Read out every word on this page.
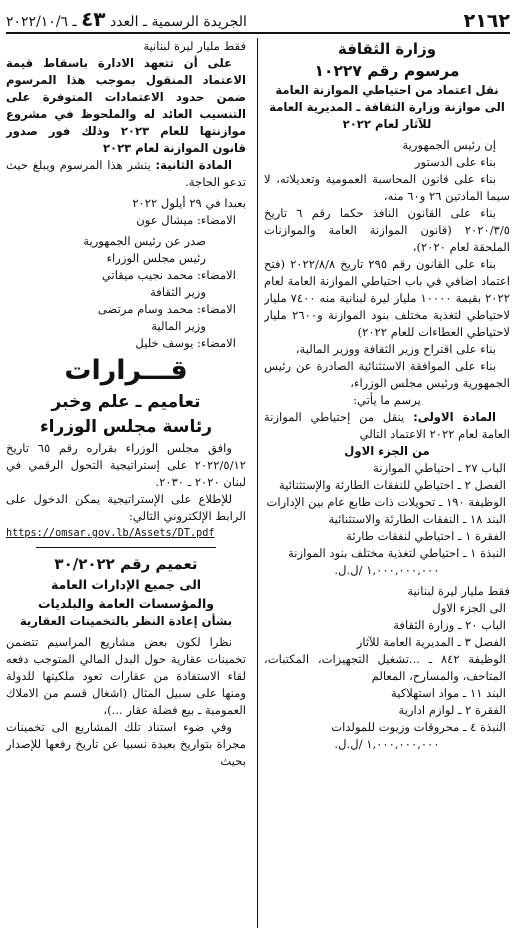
٢١٦٢
الجريدة الرسمية ـ العدد ٤٣ ـ ٢٠٢٢/١٠/٦

وزارة الثقافة

مرسوم رقم ١٠٢٢٧

نقل اعتماد من احتياطي الموازنة العامة الى موازنة وزارة الثقافة ـ المديرية العامة للآثار لعام ٢٠٢٢

إن رئيس الجمهورية

بناء على الدستور

بناء على قانون المحاسبة العمومية وتعديلاته، لا سيما المادتين ٢٦ و٦٠ منه،

بناء على القانون النافذ حكما رقم ٦ تاريخ ٢٠٢٠/٣/٥ (قانون الموازنة العامة والموازنات الملحقة لعام ٢٠٢٠)،

بناء على القانون رقم ٢٩٥ تاريخ ٢٠٢٢/٨/٨ (فتح اعتماد اضافي في باب احتياطي الموازنة العامة لعام ٢٠٢٢ بقيمة ١٠٠٠٠ مليار ليرة لبنانية منه ٧٤٠٠ مليار لاحتياطي لتغذية مختلف بنود الموازنة و٢٦٠٠ مليار لاحتياطي العطاءات للعام ٢٠٢٢)

بناء على اقتراح وزير الثقافة ووزير المالية،

بناء على الموافقة الاستثنائية الصادرة عن رئيس الجمهورية ورئيس مجلس الوزراء،

يرسم ما يأتي:

المادة الاولى: ينقل من إحتياطي الموازنة العامة لعام ٢٠٢٢ الاعتماد التالي

من الجزء الاول

الباب ٢٧ ـ احتياطي الموازنة

الفصل ٢ ـ احتياطي للنفقات الطارئة والإستثنائية

الوظيفة ١٩٠ ـ تحويلات ذات طابع عام بين الإدارات

البند ١٨ ـ النفقات الطارئة والاستثنائية

الفقرة ١ ـ احتياطي لنفقات طارئة

النبذة ١ ـ احتياطي لتغذية مختلف بنود الموازنة

١,٠٠٠,٠٠٠,٠٠٠ /ل.ل.

فقط مليار ليرة لبنانية

الى الجزء الاول

الباب ٢٠ ـ وزارة الثقافة

الفصل ٣ ـ المديرية العامة للآثار

الوظيفة ٨٤٢ ـ ...تشغيل التجهيزات، المكتبات، المتاحف، والمسارح، المعالم

البند ١١ ـ مواد استهلاكية

الفقرة ٢ ـ لوازم ادارية

النبذة ٤ ـ محروقات وزيوت للمولدات

١,٠٠٠,٠٠٠,٠٠٠ /ل.ل.

فقط مليار ليرة لبنانية

على أن تتعهد الادارة باسقاط قيمة الاعتماد المنقول بموجب هذا المرسوم ضمن حدود الاعتمادات المتوفرة على التنسيب العائد له والملحوظ في مشروع موازنتها للعام ٢٠٢٣ وذلك فور صدور قانون الموازنة لعام ٢٠٢٣

المادة الثانية: ينشر هذا المرسوم ويبلغ حيث تدعو الحاجة.

بعبدا في ٢٩ أيلول ٢٠٢٢

الامضاء: ميشال عون

صدر عن رئيس الجمهورية

رئيس مجلس الوزراء

الامضاء: محمد نجيب ميقاتي

وزير الثقافة

الامضاء: محمد وسام مرتضى

وزير المالية

الامضاء: يوسف خليل

قـــرارات

تعاميم ـ علم وخبر

رئاسة مجلس الوزراء

وافق مجلس الوزراء بقراره رقم ٦٥ تاريخ ٢٠٢٢/٥/١٢ على إستراتيجية التحول الرقمي في لبنان ٢٠٢٠ ـ ٢٠٣٠.

للإطلاع على الإستراتيجية يمكن الدخول على الرابط الإلكتروني التالي:

https://omsar.gov.lb/Assets/DT.pdf

تعميم رقم ٣٠/٢٠٢٢

الى جميع الإدارات العامة

والمؤسسات العامة والبلديات

بشأن إعادة النظر بالتخمينات العقارية

نظرا لكون بعض مشاريع المراسيم تتضمن تخمينات عقارية حول البدل المالي المتوجب دفعه لقاء الاستفادة من عقارات تعود ملكيتها للدولة ومنها على سبيل المثال (اشغال قسم من الاملاك العمومية ـ بيع فضلة عقار ...)،

وفي ضوء استناد تلك المشاريع الى تخمينات مجراة بتواريخ بعيدة نسبيا عن تاريخ رفعها للإصدار بحيث
